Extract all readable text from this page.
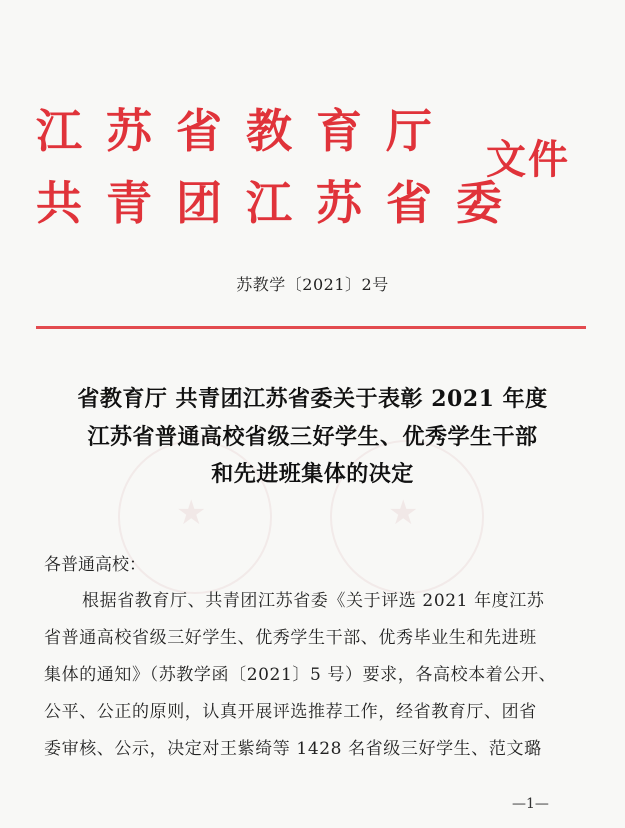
★	★
江苏省教育厅
共青团江苏省委
文件
苏教学〔2021〕2号
省教育厅 共青团江苏省委关于表彰 2021 年度
江苏省普通高校省级三好学生、优秀学生干部
和先进班集体的决定
各普通高校：
根据省教育厅、共青团江苏省委《关于评选 2021 年度江苏
省普通高校省级三好学生、优秀学生干部、优秀毕业生和先进班
集体的通知》（苏教学函〔2021〕5 号）要求，各高校本着公开、
公平、公正的原则，认真开展评选推荐工作，经省教育厅、团省
委审核、公示，决定对王紫绮等 1428 名省级三好学生、范文璐
—1—
